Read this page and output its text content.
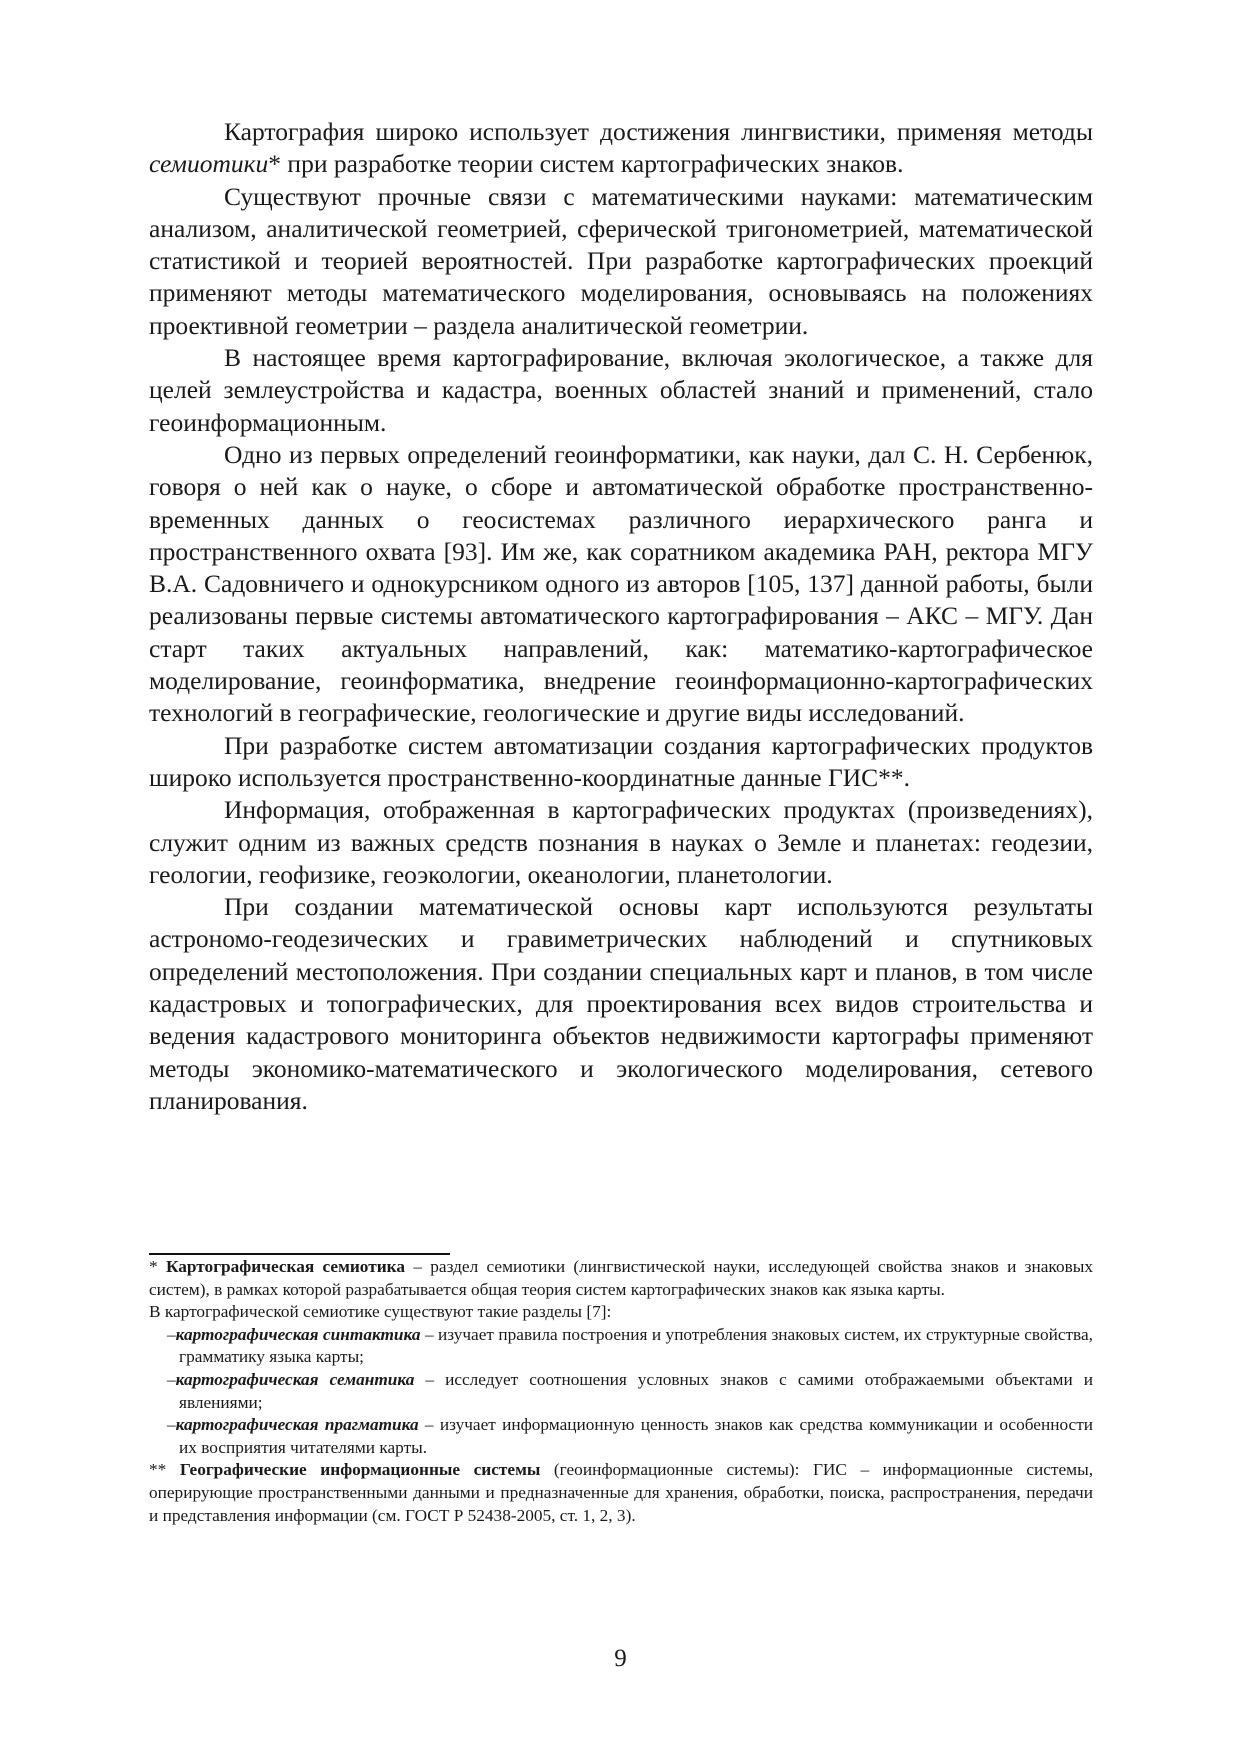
Картография широко использует достижения лингвистики, применяя методы семиотики* при разработке теории систем картографических знаков.

Существуют прочные связи с математическими науками: математическим анализом, аналитической геометрией, сферической тригонометрией, математической статистикой и теорией вероятностей. При разработке картографических проекций применяют методы математического моделирования, основываясь на положениях проективной геометрии – раздела аналитической геометрии.

В настоящее время картографирование, включая экологическое, а также для целей землеустройства и кадастра, военных областей знаний и применений, стало геоинформационным.

Одно из первых определений геоинформатики, как науки, дал С. Н. Сербенюк, говоря о ней как о науке, о сборе и автоматической обработке пространственно-временных данных о геосистемах различного иерархического ранга и пространственного охвата [93]. Им же, как соратником академика РАН, ректора МГУ В.А. Садовничего и однокурсником одного из авторов [105, 137] данной работы, были реализованы первые системы автоматического картографирования – АКС – МГУ. Дан старт таких актуальных направлений, как: математико-картографическое моделирование, геоинформатика, внедрение геоинформационно-картографических технологий в географические, геологические и другие виды исследований.

При разработке систем автоматизации создания картографических продуктов широко используется пространственно-координатные данные ГИС**.

Информация, отображенная в картографических продуктах (произведениях), служит одним из важных средств познания в науках о Земле и планетах: геодезии, геологии, геофизике, геоэкологии, океанологии, планетологии.

При создании математической основы карт используются результаты астрономо-геодезических и гравиметрических наблюдений и спутниковых определений местоположения. При создании специальных карт и планов, в том числе кадастровых и топографических, для проектирования всех видов строительства и ведения кадастрового мониторинга объектов недвижимости картографы применяют методы экономико-математического и экологического моделирования, сетевого планирования.

* Картографическая семиотика – раздел семиотики (лингвистической науки, исследующей свойства знаков и знаковых систем), в рамках которой разрабатывается общая теория систем картографических знаков как языка карты.

В картографической семиотике существуют такие разделы [7]:

–картографическая синтактика – изучает правила построения и употребления знаковых систем, их структурные свойства, грамматику языка карты;

–картографическая семантика – исследует соотношения условных знаков с самими отображаемыми объектами и явлениями;

–картографическая прагматика – изучает информационную ценность знаков как средства коммуникации и особенности их восприятия читателями карты.

** Географические информационные системы (геоинформационные системы): ГИС – информационные системы, оперирующие пространственными данными и предназначенные для хранения, обработки, поиска, распространения, передачи и представления информации (см. ГОСТ Р 52438-2005, ст. 1, 2, 3).

9
